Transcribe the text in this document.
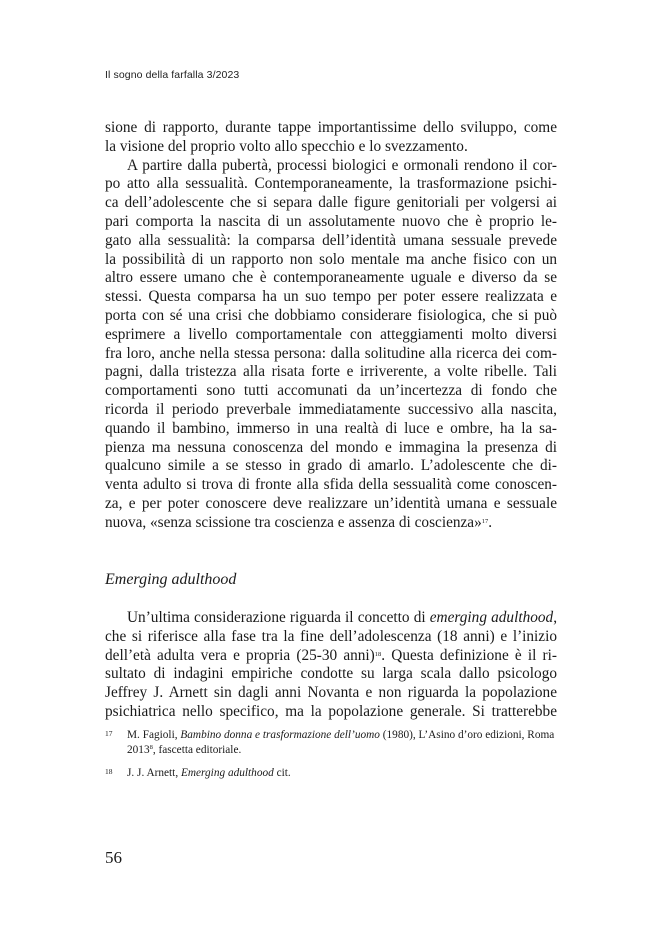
Il sogno della farfalla 3/2023
sione di rapporto, durante tappe importantissime dello sviluppo, come
la visione del proprio volto allo specchio e lo svezzamento.
A partire dalla pubertà, processi biologici e ormonali rendono il cor-
po atto alla sessualità. Contemporaneamente, la trasformazione psichi-
ca dell’adolescente che si separa dalle figure genitoriali per volgersi ai
pari comporta la nascita di un assolutamente nuovo che è proprio le-
gato alla sessualità: la comparsa dell’identità umana sessuale prevede
la possibilità di un rapporto non solo mentale ma anche fisico con un
altro essere umano che è contemporaneamente uguale e diverso da se
stessi. Questa comparsa ha un suo tempo per poter essere realizzata e
porta con sé una crisi che dobbiamo considerare fisiologica, che si può
esprimere a livello comportamentale con atteggiamenti molto diversi
fra loro, anche nella stessa persona: dalla solitudine alla ricerca dei com-
pagni, dalla tristezza alla risata forte e irriverente, a volte ribelle. Tali
comportamenti sono tutti accomunati da un’incertezza di fondo che
ricorda il periodo preverbale immediatamente successivo alla nascita,
quando il bambino, immerso in una realtà di luce e ombre, ha la sa-
pienza ma nessuna conoscenza del mondo e immagina la presenza di
qualcuno simile a se stesso in grado di amarlo. L’adolescente che di-
venta adulto si trova di fronte alla sfida della sessualità come conoscen-
za, e per poter conoscere deve realizzare un’identità umana e sessuale
nuova, «senza scissione tra coscienza e assenza di coscienza»$^{17}$.
Emerging adulthood
Un’ultima considerazione riguarda il concetto di emerging adulthood,
che si riferisce alla fase tra la fine dell’adolescenza (18 anni) e l’inizio
dell’età adulta vera e propria (25-30 anni)$^{18}$. Questa definizione è il ri-
sultato di indagini empiriche condotte su larga scala dallo psicologo
Jeffrey J. Arnett sin dagli anni Novanta e non riguarda la popolazione
psichiatrica nello specifico, ma la popolazione generale. Si tratterebbe
17 M. Fagioli, Bambino donna e trasformazione dell’uomo (1980), L’Asino d’oro edizioni, Roma
2013$^8$, fascetta editoriale.
18 J. J. Arnett, Emerging adulthood cit.
56
